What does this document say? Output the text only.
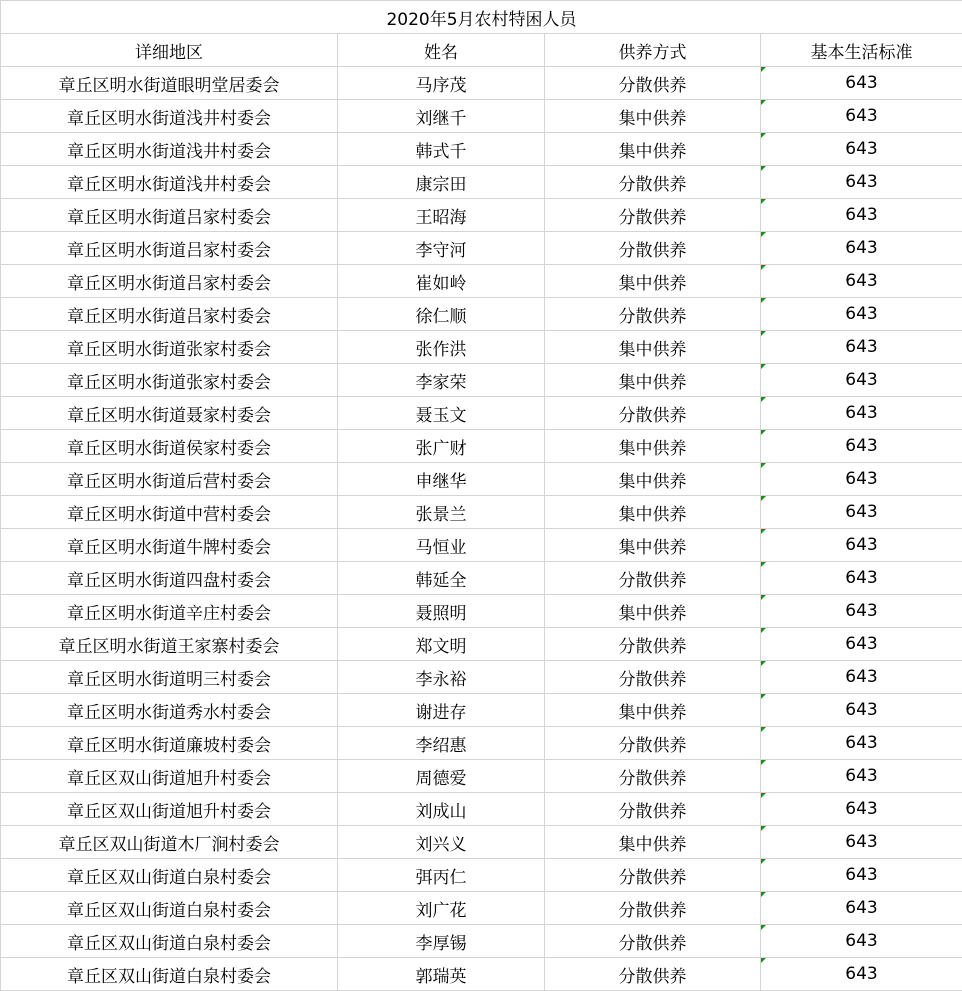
2020年5月农村特困人员			
详细地区	姓名	供养方式	基本生活标准
章丘区明水街道眼明堂居委会	马序茂	分散供养	643
章丘区明水街道浅井村委会	刘继千	集中供养	643
章丘区明水街道浅井村委会	韩式千	集中供养	643
章丘区明水街道浅井村委会	康宗田	分散供养	643
章丘区明水街道吕家村委会	王昭海	分散供养	643
章丘区明水街道吕家村委会	李守河	分散供养	643
章丘区明水街道吕家村委会	崔如岭	集中供养	643
章丘区明水街道吕家村委会	徐仁顺	分散供养	643
章丘区明水街道张家村委会	张作洪	集中供养	643
章丘区明水街道张家村委会	李家荣	集中供养	643
章丘区明水街道聂家村委会	聂玉文	分散供养	643
章丘区明水街道侯家村委会	张广财	集中供养	643
章丘区明水街道后营村委会	申继华	集中供养	643
章丘区明水街道中营村委会	张景兰	集中供养	643
章丘区明水街道牛牌村委会	马恒业	集中供养	643
章丘区明水街道四盘村委会	韩延全	分散供养	643
章丘区明水街道辛庄村委会	聂照明	集中供养	643
章丘区明水街道王家寨村委会	郑文明	分散供养	643
章丘区明水街道明三村委会	李永裕	分散供养	643
章丘区明水街道秀水村委会	谢进存	集中供养	643
章丘区明水街道廉坡村委会	李绍惠	分散供养	643
章丘区双山街道旭升村委会	周德爱	分散供养	643
章丘区双山街道旭升村委会	刘成山	分散供养	643
章丘区双山街道木厂涧村委会	刘兴义	集中供养	643
章丘区双山街道白泉村委会	弭丙仁	分散供养	643
章丘区双山街道白泉村委会	刘广花	分散供养	643
章丘区双山街道白泉村委会	李厚锡	分散供养	643
章丘区双山街道白泉村委会	郭瑞英	分散供养	643
